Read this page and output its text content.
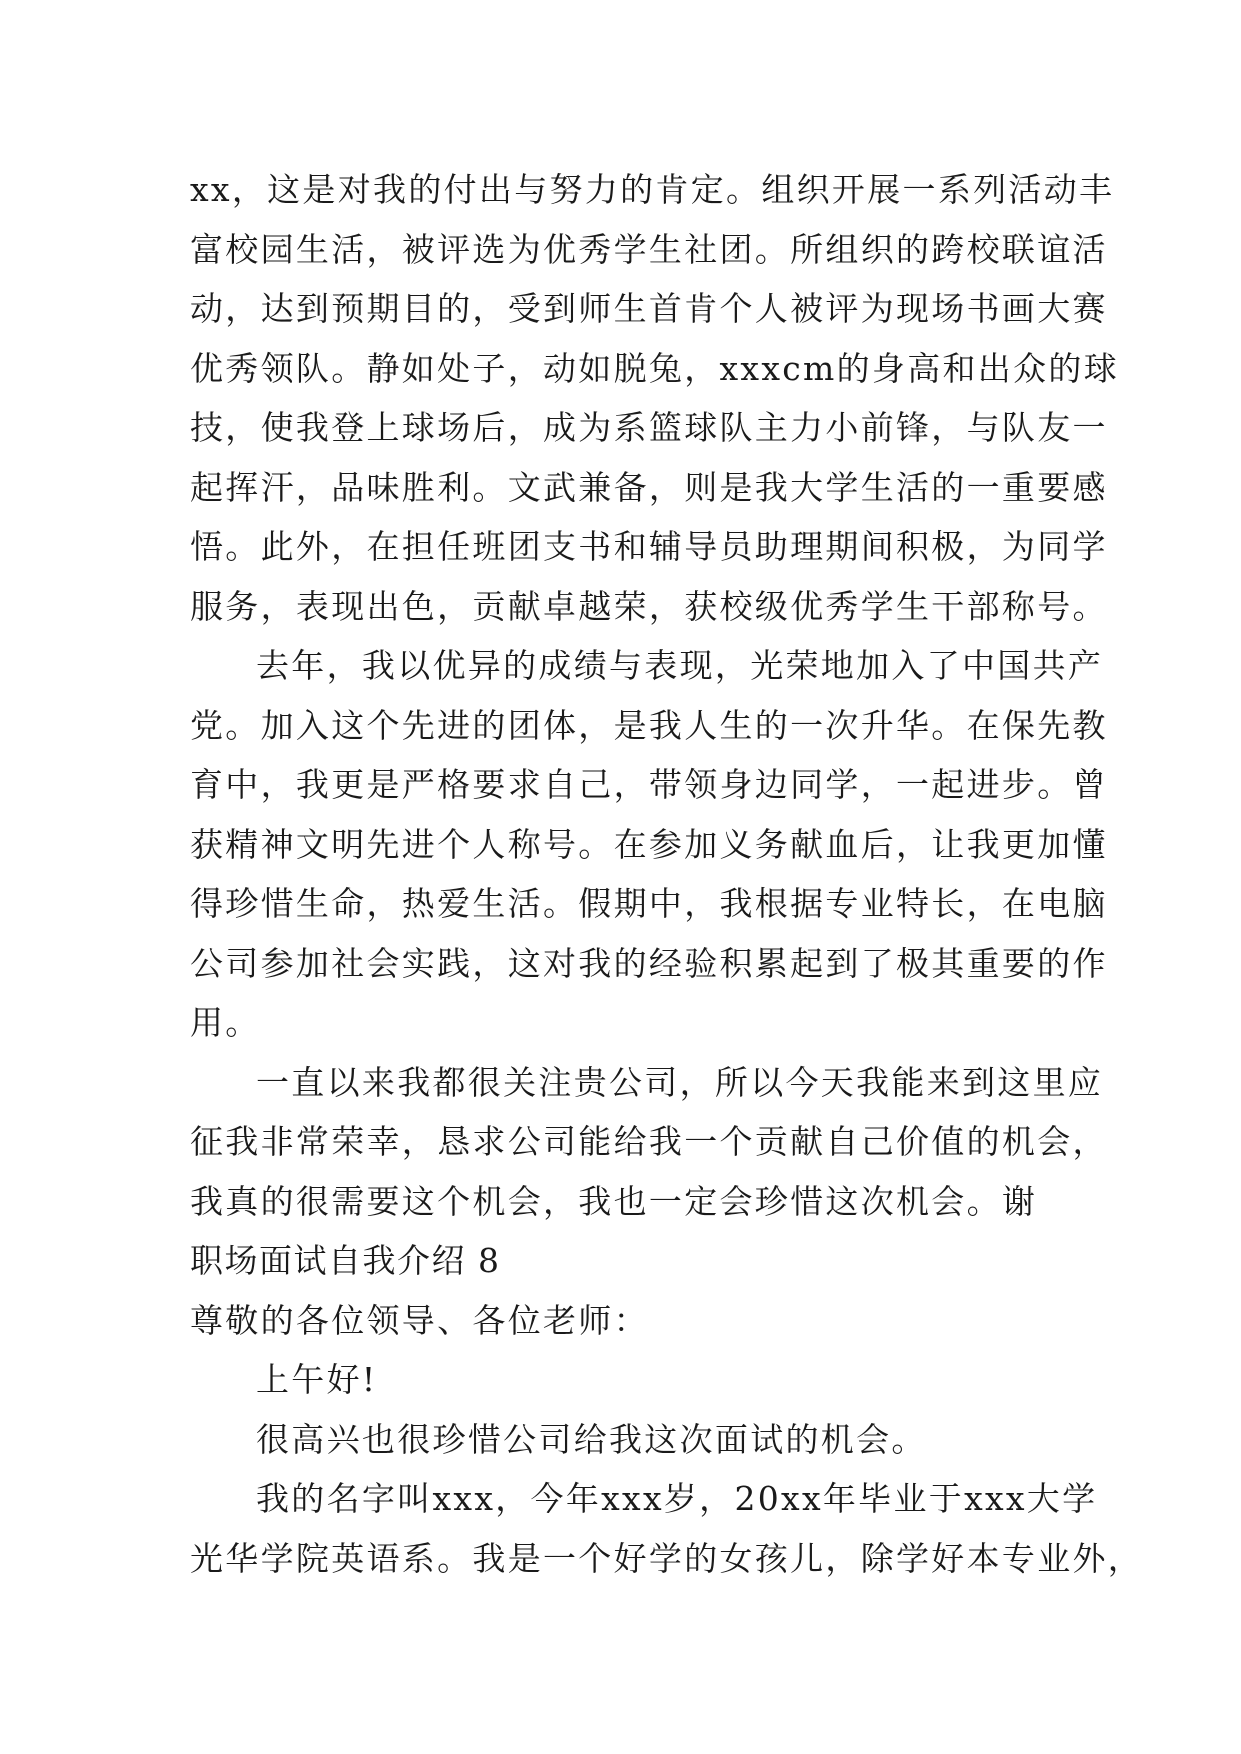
xx，这是对我的付出与努力的肯定。组织开展一系列活动丰
富校园生活，被评选为优秀学生社团。所组织的跨校联谊活
动，达到预期目的，受到师生首肯个人被评为现场书画大赛
优秀领队。静如处子，动如脱兔，xxxcm的身高和出众的球
技，使我登上球场后，成为系篮球队主力小前锋，与队友一
起挥汗，品味胜利。文武兼备，则是我大学生活的一重要感
悟。此外，在担任班团支书和辅导员助理期间积极，为同学
服务，表现出色，贡献卓越荣，获校级优秀学生干部称号。
去年，我以优异的成绩与表现，光荣地加入了中国共产
党。加入这个先进的团体，是我人生的一次升华。在保先教
育中，我更是严格要求自己，带领身边同学，一起进步。曾
获精神文明先进个人称号。在参加义务献血后，让我更加懂
得珍惜生命，热爱生活。假期中，我根据专业特长，在电脑
公司参加社会实践，这对我的经验积累起到了极其重要的作
用。
一直以来我都很关注贵公司，所以今天我能来到这里应
征我非常荣幸，恳求公司能给我一个贡献自己价值的机会，
我真的很需要这个机会，我也一定会珍惜这次机会。谢
职场面试自我介绍 8
尊敬的各位领导、各位老师：
上午好!
很高兴也很珍惜公司给我这次面试的机会。
我的名字叫xxx，今年xxx岁，20xx年毕业于xxx大学
光华学院英语系。我是一个好学的女孩儿，除学好本专业外，
